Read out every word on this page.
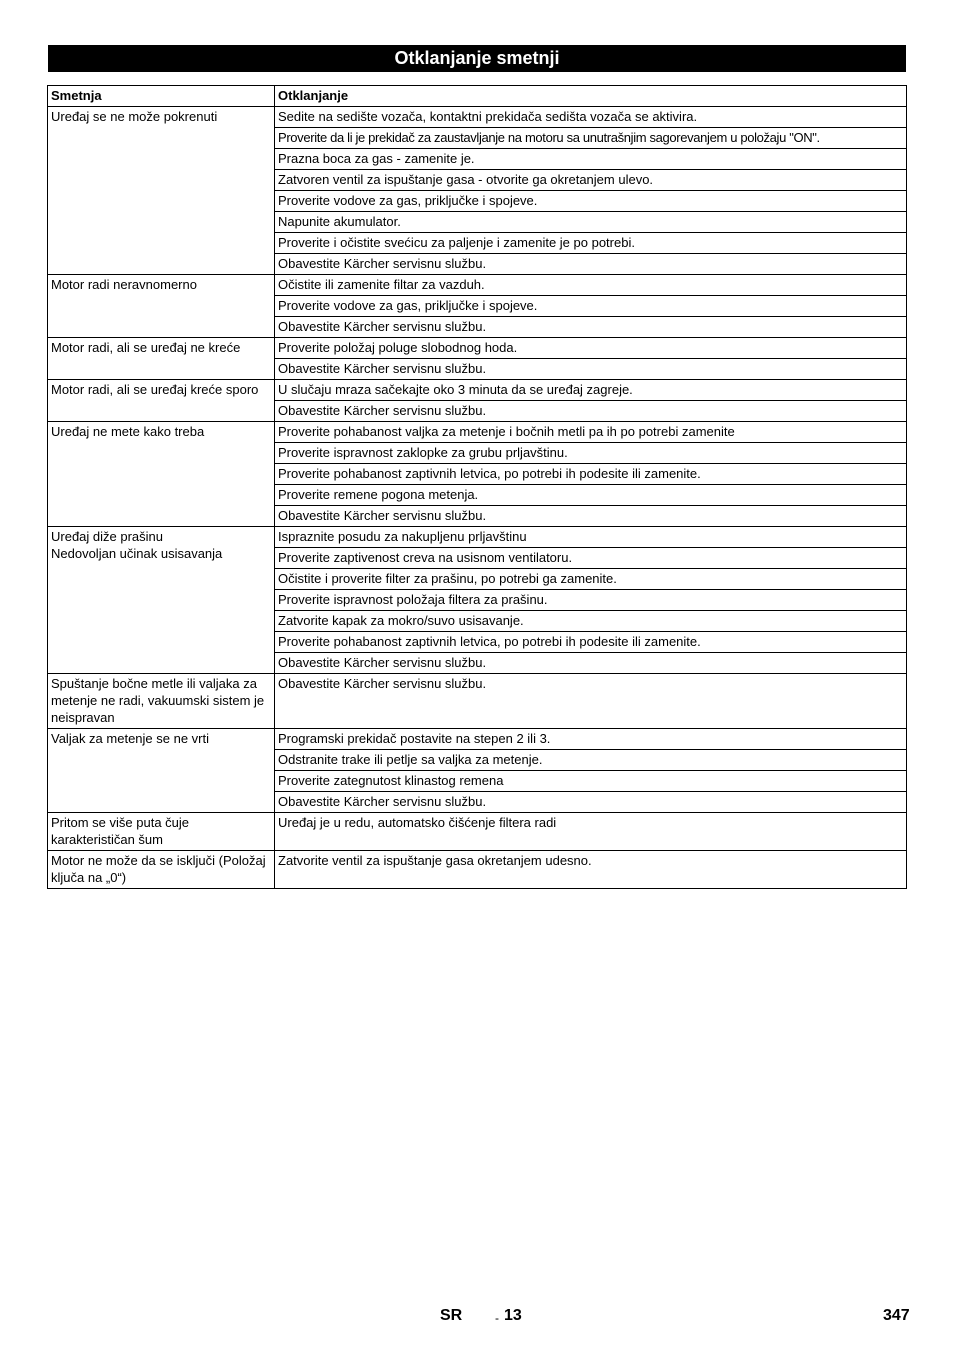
Otklanjanje smetnji
Smetnja	Otklanjanje
Uređaj se ne može pokrenuti	Sedite na sedište vozača, kontaktni prekidača sedišta vozača se aktivira.
	Proverite da li je prekidač za zaustavljanje na motoru sa unutrašnjim sagorevanjem u položaju "ON".
	Prazna boca za gas - zamenite je.
	Zatvoren ventil za ispuštanje gasa - otvorite ga okretanjem ulevo.
	Proverite vodove za gas, priključke i spojeve.
	Napunite akumulator.
	Proverite i očistite svećicu za paljenje i zamenite je po potrebi.
	Obavestite Kärcher servisnu službu.
Motor radi neravnomerno	Očistite ili zamenite filtar za vazduh.
	Proverite vodove za gas, priključke i spojeve.
	Obavestite Kärcher servisnu službu.
Motor radi, ali se uređaj ne kreće	Proverite položaj poluge slobodnog hoda.
	Obavestite Kärcher servisnu službu.
Motor radi, ali se uređaj kreće sporo	U slučaju mraza sačekajte oko 3 minuta da se uređaj zagreje.
	Obavestite Kärcher servisnu službu.
Uređaj ne mete kako treba	Proverite pohabanost valjka za metenje i bočnih metli pa ih po potrebi zamenite
	Proverite ispravnost zaklopke za grubu prljavštinu.
	Proverite pohabanost zaptivnih letvica, po potrebi ih podesite ili zamenite.
	Proverite remene pogona metenja.
	Obavestite Kärcher servisnu službu.
Uređaj diže prašinu
Nedovoljan učinak usisavanja	Ispraznite posudu za nakupljenu prljavštinu
	Proverite zaptivenost creva na usisnom ventilatoru.
	Očistite i proverite filter za prašinu, po potrebi ga zamenite.
	Proverite ispravnost položaja filtera za prašinu.
	Zatvorite kapak za mokro/suvo usisavanje.
	Proverite pohabanost zaptivnih letvica, po potrebi ih podesite ili zamenite.
	Obavestite Kärcher servisnu službu.
Spuštanje bočne metle ili valjaka za metenje ne radi, vakuumski sistem je neispravan	Obavestite Kärcher servisnu službu.
Valjak za metenje se ne vrti	Programski prekidač postavite na stepen 2 ili 3.
	Odstranite trake ili petlje sa valjka za metenje.
	Proverite zategnutost klinastog remena
	Obavestite Kärcher servisnu službu.
Pritom se više puta čuje karakterističan šum	Uređaj je u redu, automatsko čišćenje filtera radi
Motor ne može da se isključi (Položaj ključa na „0“)	Zatvorite ventil za ispuštanje gasa okretanjem udesno.
SR	- 13	347
